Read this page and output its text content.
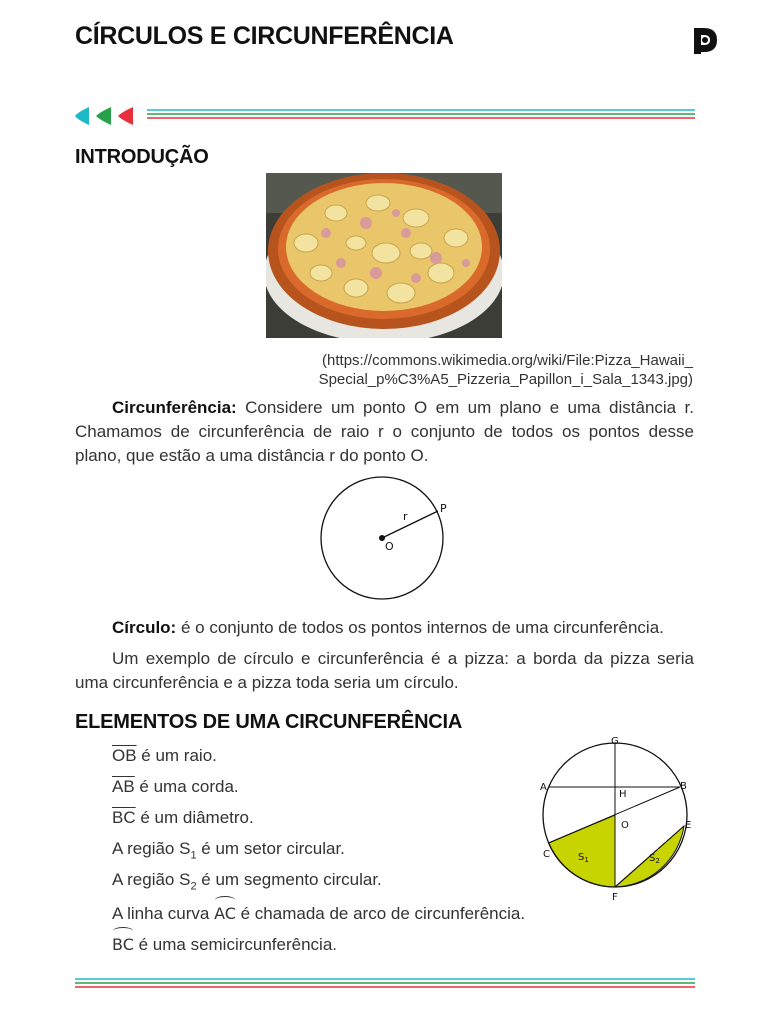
CÍRCULOS E CIRCUNFERÊNCIA
INTRODUÇÃO

(https://commons.wikimedia.org/wiki/File:Pizza_Hawaii_
Special_p%C3%A5_Pizzeria_Papillon_i_Sala_1343.jpg)

Circunferência: Considere um ponto O em um plano e uma distância r. Chamamos de circunferência de raio r o conjunto de todos os pontos desse plano, que estão a uma distância r do ponto O.

r
P
O

Círculo: é o conjunto de todos os pontos internos de uma circunferência.

Um exemplo de círculo e circunferência é a pizza: a borda da pizza seria uma circunferência e a pizza toda seria um círculo.

ELEMENTOS DE UMA CIRCUNFERÊNCIA
$\overline{OB}$ é um raio.
$\overline{AB}$ é uma corda.
$\overline{BC}$ é um diâmetro.
A região $S_1$ é um setor circular.
A região $S_2$ é um segmento circular.
A linha curva AC é chamada de arco de circunferência.
BC é uma semicircunferência.
G
A	B
H
O	E
C
F
$S_1$	$S_2$
